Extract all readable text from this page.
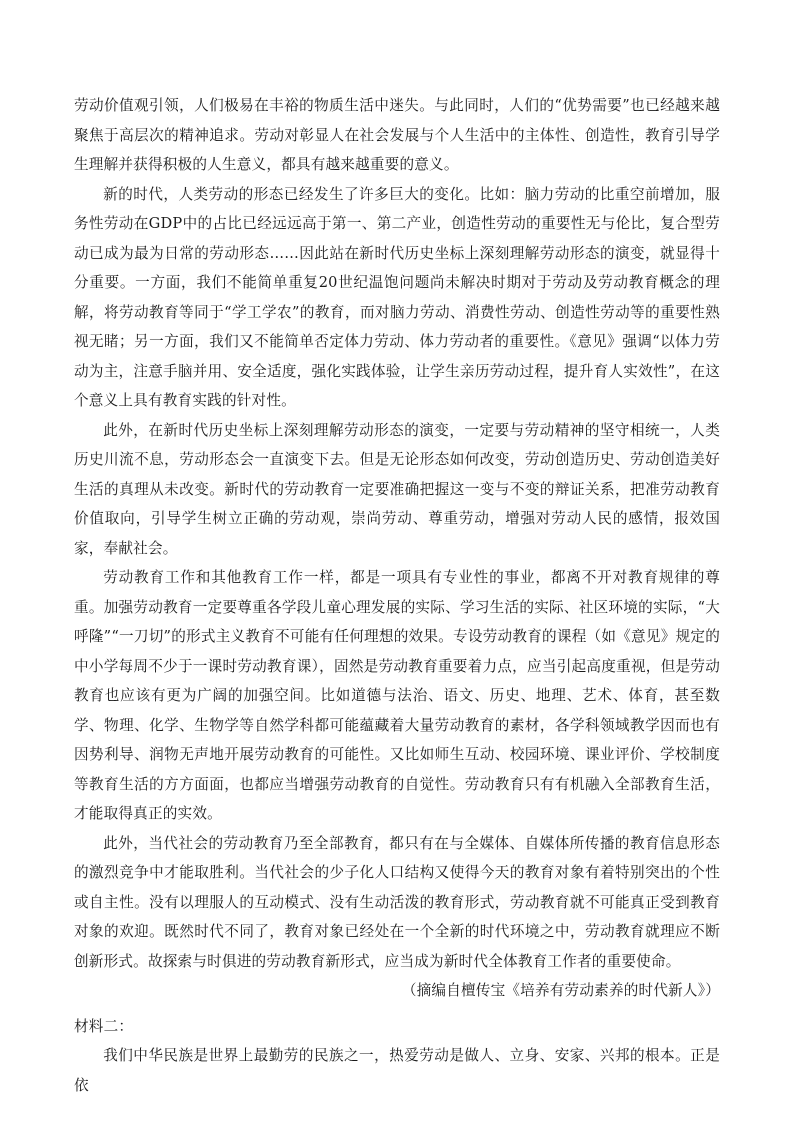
劳动价值观引领，人们极易在丰裕的物质生活中迷失。与此同时，人们的“优势需要”也已经越来越聚焦于高层次的精神追求。劳动对彰显人在社会发展与个人生活中的主体性、创造性，教育引导学生理解并获得积极的人生意义，都具有越来越重要的意义。

新的时代，人类劳动的形态已经发生了许多巨大的变化。比如：脑力劳动的比重空前增加，服务性劳动在GDP中的占比已经远远高于第一、第二产业，创造性劳动的重要性无与伦比，复合型劳动已成为最为日常的劳动形态……因此站在新时代历史坐标上深刻理解劳动形态的演变，就显得十分重要。一方面，我们不能简单重复20世纪温饱问题尚未解决时期对于劳动及劳动教育概念的理解，将劳动教育等同于“学工学农”的教育，而对脑力劳动、消费性劳动、创造性劳动等的重要性熟视无睹；另一方面，我们又不能简单否定体力劳动、体力劳动者的重要性。《意见》强调“以体力劳动为主，注意手脑并用、安全适度，强化实践体验，让学生亲历劳动过程，提升育人实效性”，在这个意义上具有教育实践的针对性。

此外，在新时代历史坐标上深刻理解劳动形态的演变，一定要与劳动精神的坚守相统一，人类历史川流不息，劳动形态会一直演变下去。但是无论形态如何改变，劳动创造历史、劳动创造美好生活的真理从未改变。新时代的劳动教育一定要准确把握这一变与不变的辩证关系，把准劳动教育价值取向，引导学生树立正确的劳动观，崇尚劳动、尊重劳动，增强对劳动人民的感情，报效国家，奉献社会。

劳动教育工作和其他教育工作一样，都是一项具有专业性的事业，都离不开对教育规律的尊重。加强劳动教育一定要尊重各学段儿童心理发展的实际、学习生活的实际、社区环境的实际，“大呼隆”“一刀切”的形式主义教育不可能有任何理想的效果。专设劳动教育的课程（如《意见》规定的中小学每周不少于一课时劳动教育课），固然是劳动教育重要着力点，应当引起高度重视，但是劳动教育也应该有更为广阔的加强空间。比如道德与法治、语文、历史、地理、艺术、体育，甚至数学、物理、化学、生物学等自然学科都可能蕴藏着大量劳动教育的素材，各学科领域教学因而也有因势利导、润物无声地开展劳动教育的可能性。又比如师生互动、校园环境、课业评价、学校制度等教育生活的方方面面，也都应当增强劳动教育的自觉性。劳动教育只有有机融入全部教育生活，才能取得真正的实效。

此外，当代社会的劳动教育乃至全部教育，都只有在与全媒体、自媒体所传播的教育信息形态的激烈竞争中才能取胜利。当代社会的少子化人口结构又使得今天的教育对象有着特别突出的个性或自主性。没有以理服人的互动模式、没有生动活泼的教育形式，劳动教育就不可能真正受到教育对象的欢迎。既然时代不同了，教育对象已经处在一个全新的时代环境之中，劳动教育就理应不断创新形式。故探索与时俱进的劳动教育新形式，应当成为新时代全体教育工作者的重要使命。

（摘编自檀传宝《培养有劳动素养的时代新人》）

材料二：

我们中华民族是世界上最勤劳的民族之一，热爱劳动是做人、立身、安家、兴邦的根本。正是依
